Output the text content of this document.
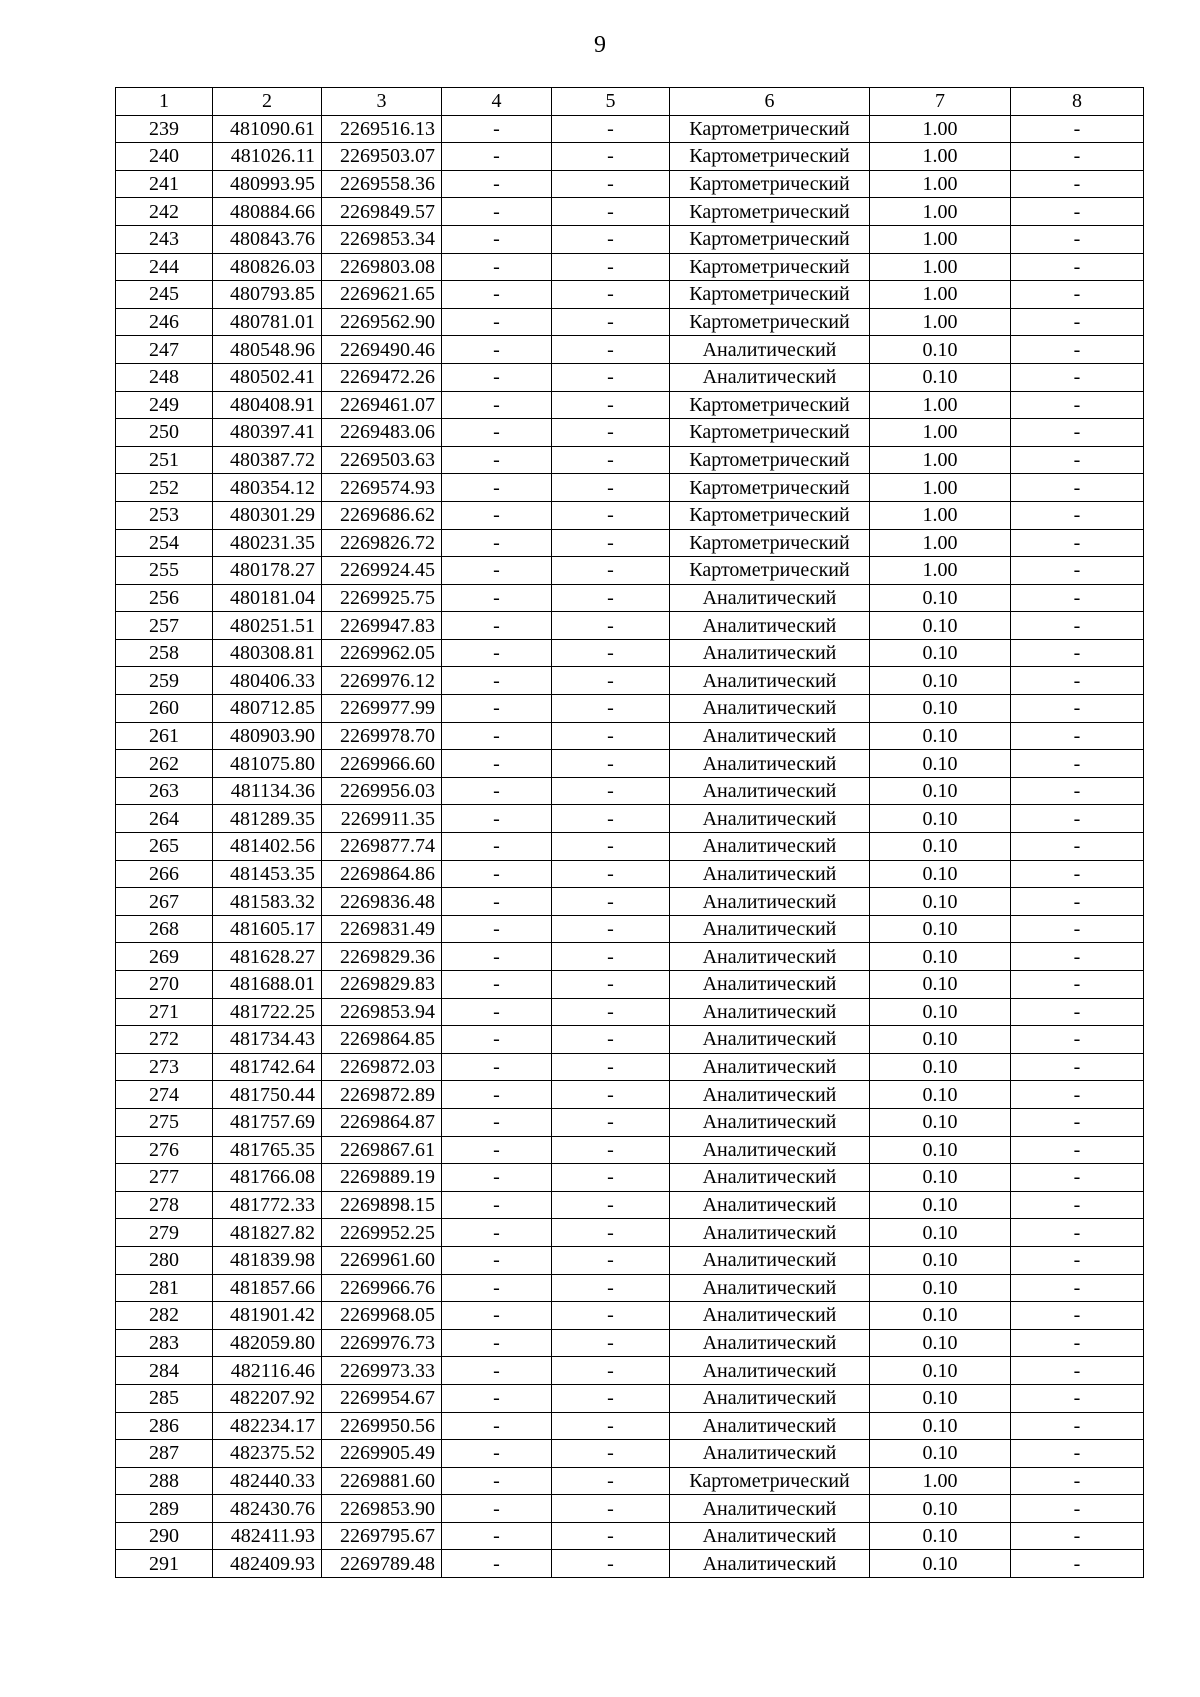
9
1	2	3	4	5	6	7	8
239	481090.61	2269516.13	-	-	Картометрический	1.00	-
240	481026.11	2269503.07	-	-	Картометрический	1.00	-
241	480993.95	2269558.36	-	-	Картометрический	1.00	-
242	480884.66	2269849.57	-	-	Картометрический	1.00	-
243	480843.76	2269853.34	-	-	Картометрический	1.00	-
244	480826.03	2269803.08	-	-	Картометрический	1.00	-
245	480793.85	2269621.65	-	-	Картометрический	1.00	-
246	480781.01	2269562.90	-	-	Картометрический	1.00	-
247	480548.96	2269490.46	-	-	Аналитический	0.10	-
248	480502.41	2269472.26	-	-	Аналитический	0.10	-
249	480408.91	2269461.07	-	-	Картометрический	1.00	-
250	480397.41	2269483.06	-	-	Картометрический	1.00	-
251	480387.72	2269503.63	-	-	Картометрический	1.00	-
252	480354.12	2269574.93	-	-	Картометрический	1.00	-
253	480301.29	2269686.62	-	-	Картометрический	1.00	-
254	480231.35	2269826.72	-	-	Картометрический	1.00	-
255	480178.27	2269924.45	-	-	Картометрический	1.00	-
256	480181.04	2269925.75	-	-	Аналитический	0.10	-
257	480251.51	2269947.83	-	-	Аналитический	0.10	-
258	480308.81	2269962.05	-	-	Аналитический	0.10	-
259	480406.33	2269976.12	-	-	Аналитический	0.10	-
260	480712.85	2269977.99	-	-	Аналитический	0.10	-
261	480903.90	2269978.70	-	-	Аналитический	0.10	-
262	481075.80	2269966.60	-	-	Аналитический	0.10	-
263	481134.36	2269956.03	-	-	Аналитический	0.10	-
264	481289.35	2269911.35	-	-	Аналитический	0.10	-
265	481402.56	2269877.74	-	-	Аналитический	0.10	-
266	481453.35	2269864.86	-	-	Аналитический	0.10	-
267	481583.32	2269836.48	-	-	Аналитический	0.10	-
268	481605.17	2269831.49	-	-	Аналитический	0.10	-
269	481628.27	2269829.36	-	-	Аналитический	0.10	-
270	481688.01	2269829.83	-	-	Аналитический	0.10	-
271	481722.25	2269853.94	-	-	Аналитический	0.10	-
272	481734.43	2269864.85	-	-	Аналитический	0.10	-
273	481742.64	2269872.03	-	-	Аналитический	0.10	-
274	481750.44	2269872.89	-	-	Аналитический	0.10	-
275	481757.69	2269864.87	-	-	Аналитический	0.10	-
276	481765.35	2269867.61	-	-	Аналитический	0.10	-
277	481766.08	2269889.19	-	-	Аналитический	0.10	-
278	481772.33	2269898.15	-	-	Аналитический	0.10	-
279	481827.82	2269952.25	-	-	Аналитический	0.10	-
280	481839.98	2269961.60	-	-	Аналитический	0.10	-
281	481857.66	2269966.76	-	-	Аналитический	0.10	-
282	481901.42	2269968.05	-	-	Аналитический	0.10	-
283	482059.80	2269976.73	-	-	Аналитический	0.10	-
284	482116.46	2269973.33	-	-	Аналитический	0.10	-
285	482207.92	2269954.67	-	-	Аналитический	0.10	-
286	482234.17	2269950.56	-	-	Аналитический	0.10	-
287	482375.52	2269905.49	-	-	Аналитический	0.10	-
288	482440.33	2269881.60	-	-	Картометрический	1.00	-
289	482430.76	2269853.90	-	-	Аналитический	0.10	-
290	482411.93	2269795.67	-	-	Аналитический	0.10	-
291	482409.93	2269789.48	-	-	Аналитический	0.10	-
